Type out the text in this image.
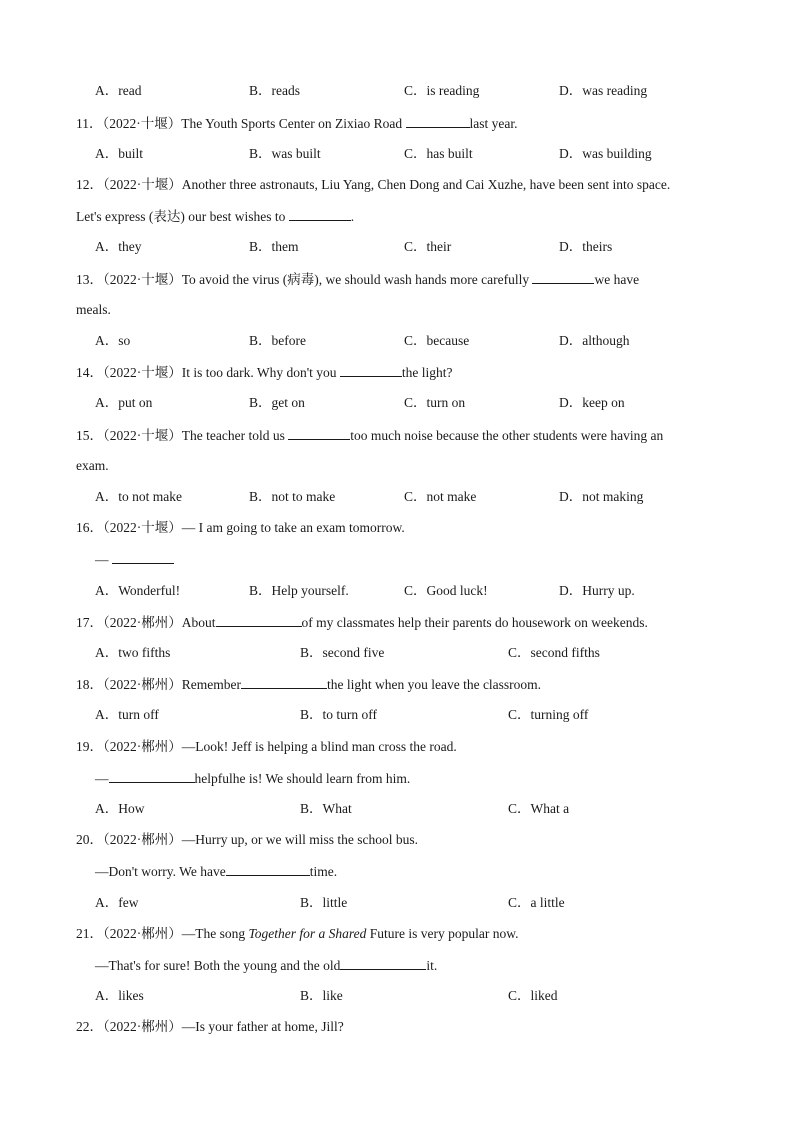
A．read	B．reads	C．is reading	D．was reading
11．（2022·十堰）The Youth Sports Center on Zixiao Road	last year.
A．built	B．was built	C．has built	D．was building
12．（2022·十堰）Another three astronauts, Liu Yang, Chen Dong and Cai Xuzhe, have been sent into space.
Let's express (表达) our best wishes to	.
A．they	B．them	C．their	D．theirs
13．（2022·十堰）To avoid the virus (病毒), we should wash hands more carefully	we have
meals.
A．so	B．before	C．because	D．although
14．（2022·十堰）It is too dark. Why don't you	the light?
A．put on	B．get on	C．turn on	D．keep on
15．（2022·十堰）The teacher told us	too much noise because the other students were having an
exam.
A．to not make	B．not to make	C．not make	D．not making
16．（2022·十堰）— I am going to take an exam tomorrow.
—
A．Wonderful!	B．Help yourself.	C．Good luck!	D．Hurry up.
17．（2022·郴州）About	of my classmates help their parents do housework on weekends.
A．two fifths	B．second five	C．second fifths
18．（2022·郴州）Remember	the light when you leave the classroom.
A．turn off	B．to turn off	C．turning off
19．（2022·郴州）—Look! Jeff is helping a blind man cross the road.
—	helpfulhe is! We should learn from him.
A．How	B．What	C．What a
20．（2022·郴州）—Hurry up, or we will miss the school bus.
—Don't worry. We have	time.
A．few	B．little	C．a little
21．（2022·郴州）—The song Together for a Shared Future is very popular now.
—That's for sure! Both the young and the old	it.
A．likes	B．like	C．liked
22．（2022·郴州）—Is your father at home, Jill?
